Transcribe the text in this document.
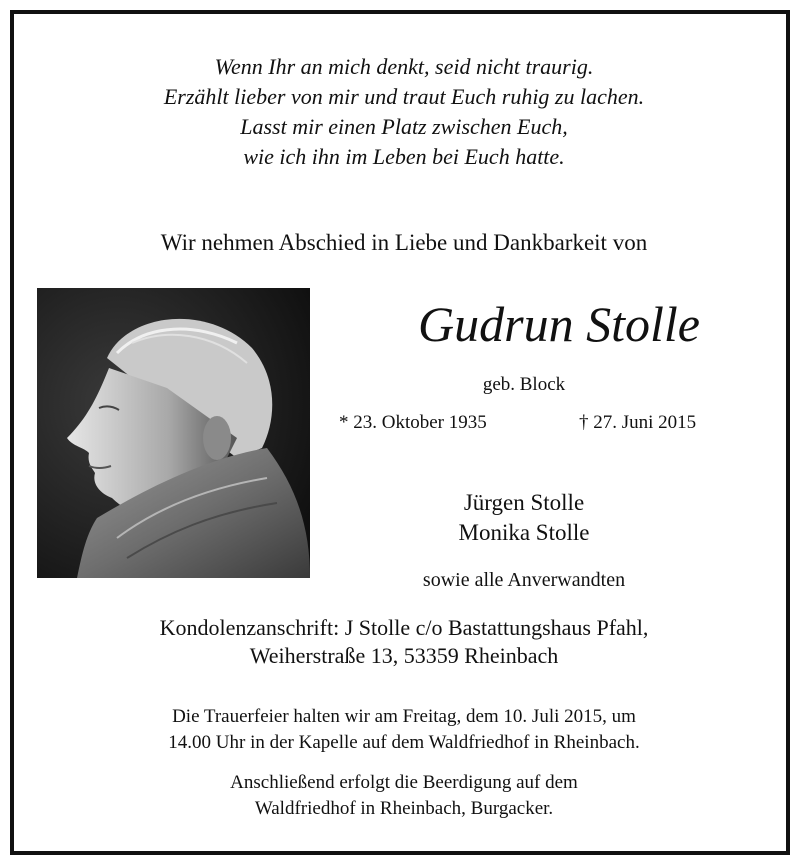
Wenn Ihr an mich denkt, seid nicht traurig.
Erzählt lieber von mir und traut Euch ruhig zu lachen.
Lasst mir einen Platz zwischen Euch,
wie ich ihn im Leben bei Euch hatte.
Wir nehmen Abschied in Liebe und Dankbarkeit von
Gudrun Stolle
geb. Block
* 23. Oktober 1935	† 27. Juni 2015
Jürgen Stolle
Monika Stolle
sowie alle Anverwandten
Kondolenzanschrift: J Stolle c/o Bastattungshaus Pfahl,
Weiherstraße 13, 53359 Rheinbach
Die Trauerfeier halten wir am Freitag, dem 10. Juli 2015, um
14.00 Uhr in der Kapelle auf dem Waldfriedhof in Rheinbach.
Anschließend erfolgt die Beerdigung auf dem
Waldfriedhof in Rheinbach, Burgacker.
